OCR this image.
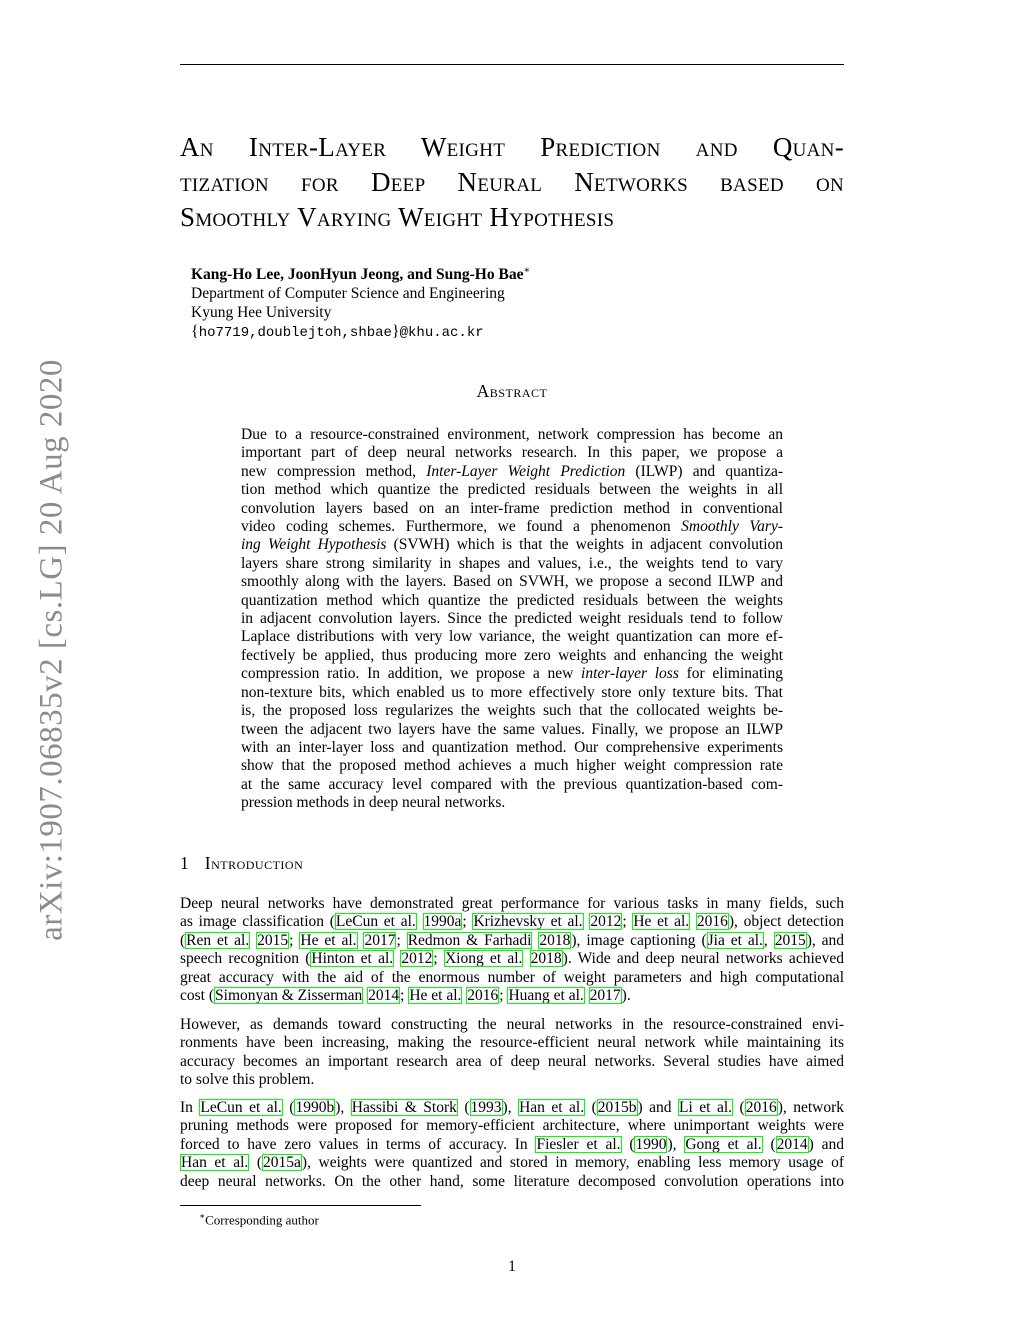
arXiv:1907.06835v2 [cs.LG] 20 Aug 2020
An Inter-Layer Weight Prediction and Quan-
tization for Deep Neural Networks based on
Smoothly Varying Weight Hypothesis
Kang-Ho Lee, JoonHyun Jeong, and Sung-Ho Bae∗
Department of Computer Science and Engineering
Kyung Hee University
{ho7719,doublejtoh,shbae}@khu.ac.kr
Abstract
Due to a resource-constrained environment, network compression has become an
important part of deep neural networks research. In this paper, we propose a
new compression method, Inter-Layer Weight Prediction (ILWP) and quantiza-
tion method which quantize the predicted residuals between the weights in all
convolution layers based on an inter-frame prediction method in conventional
video coding schemes. Furthermore, we found a phenomenon Smoothly Vary-
ing Weight Hypothesis (SVWH) which is that the weights in adjacent convolution
layers share strong similarity in shapes and values, i.e., the weights tend to vary
smoothly along with the layers. Based on SVWH, we propose a second ILWP and
quantization method which quantize the predicted residuals between the weights
in adjacent convolution layers. Since the predicted weight residuals tend to follow
Laplace distributions with very low variance, the weight quantization can more ef-
fectively be applied, thus producing more zero weights and enhancing the weight
compression ratio. In addition, we propose a new inter-layer loss for eliminating
non-texture bits, which enabled us to more effectively store only texture bits. That
is, the proposed loss regularizes the weights such that the collocated weights be-
tween the adjacent two layers have the same values. Finally, we propose an ILWP
with an inter-layer loss and quantization method. Our comprehensive experiments
show that the proposed method achieves a much higher weight compression rate
at the same accuracy level compared with the previous quantization-based com-
pression methods in deep neural networks.
1 Introduction
Deep neural networks have demonstrated great performance for various tasks in many fields, such
as image classification (LeCun et al. 1990a; Krizhevsky et al. 2012; He et al. 2016), object detection
(Ren et al. 2015; He et al. 2017; Redmon & Farhadi 2018), image captioning (Jia et al., 2015), and
speech recognition (Hinton et al. 2012; Xiong et al. 2018). Wide and deep neural networks achieved
great accuracy with the aid of the enormous number of weight parameters and high computational
cost (Simonyan & Zisserman 2014; He et al. 2016; Huang et al. 2017).
However, as demands toward constructing the neural networks in the resource-constrained envi-
ronments have been increasing, making the resource-efficient neural network while maintaining its
accuracy becomes an important research area of deep neural networks. Several studies have aimed
to solve this problem.
In LeCun et al. (1990b), Hassibi & Stork (1993), Han et al. (2015b) and Li et al. (2016), network
pruning methods were proposed for memory-efficient architecture, where unimportant weights were
forced to have zero values in terms of accuracy. In Fiesler et al. (1990), Gong et al. (2014) and
Han et al. (2015a), weights were quantized and stored in memory, enabling less memory usage of
deep neural networks. On the other hand, some literature decomposed convolution operations into

∗Corresponding author

1
